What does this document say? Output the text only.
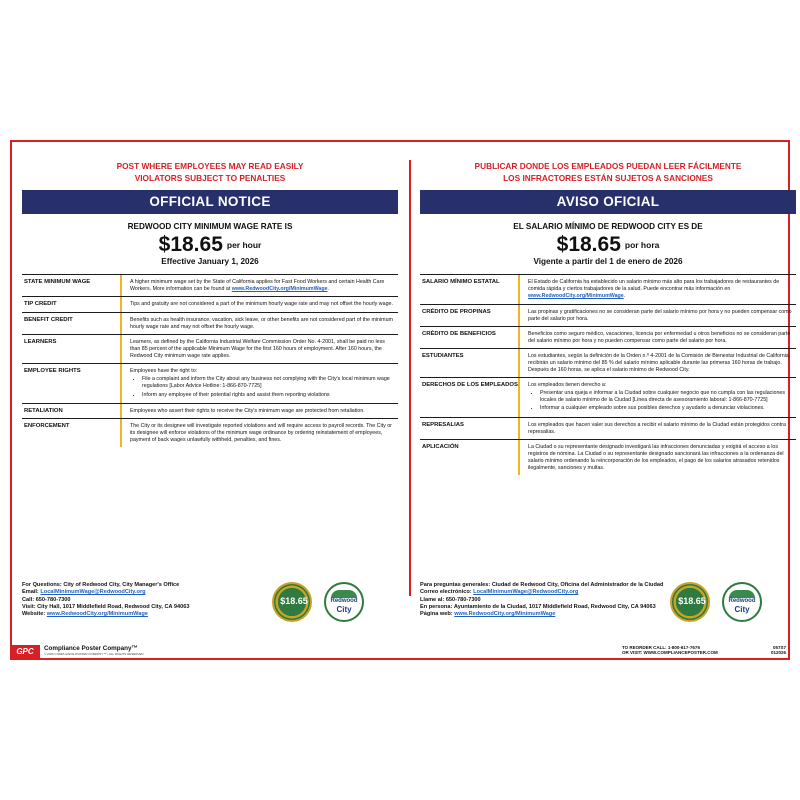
POST WHERE EMPLOYEES MAY READ EASILY
VIOLATORS SUBJECT TO PENALTIES
OFFICIAL NOTICE
REDWOOD CITY MINIMUM WAGE RATE IS
$18.65 per hour
Effective January 1, 2026
STATE MINIMUM WAGE	A higher minimum wage set by the State of California applies for Fast Food Workers and certain Health Care Workers. More information can be found at www.RedwoodCity.org/MinimumWage.
TIP CREDIT	Tips and gratuity are not considered a part of the minimum hourly wage rate and may not offset the hourly wage.
BENEFIT CREDIT	Benefits such as health insurance, vacation, sick leave, or other benefits are not considered part of the minimum hourly wage rate and may not offset the hourly wage.
LEARNERS	Learners, as defined by the California Industrial Welfare Commission Order No. 4-2001, shall be paid no less than 85 percent of the applicable Minimum Wage for the first 160 hours of employment. After 160 hours, the Redwood City minimum wage rate applies.
EMPLOYEE RIGHTS	Employees have the right to:
• File a complaint and inform the City about any business not complying with the City's local minimum wage regulations [Labor Advice Hotline: 1-866-870-7725]
• Inform any employee of their potential rights and assist them reporting violations
RETALIATION	Employees who assert their rights to receive the City's minimum wage are protected from retaliation.
ENFORCEMENT	The City or its designee will investigate reported violations and will require access to payroll records. The City or its designee will enforce violations of the minimum wage ordinance by ordering reinstatement of employees, payment of back wages unlawfully withheld, penalties, and fines.
PUBLICAR DONDE LOS EMPLEADOS PUEDAN LEER FÁCILMENTE
LOS INFRACTORES ESTÁN SUJETOS A SANCIONES
AVISO OFICIAL
EL SALARIO MÍNIMO DE REDWOOD CITY ES DE
$18.65 por hora
Vigente a partir del 1 de enero de 2026
SALARIO MÍNIMO ESTATAL	El Estado de California ha establecido un salario mínimo más alto para los trabajadores de restaurantes de comida rápida y ciertos trabajadores de la salud. Puede encontrar más información en www.RedwoodCity.org/MinimumWage.
CRÉDITO DE PROPINAS	Las propinas y gratificaciones no se consideran parte del salario mínimo por hora y no pueden compensar como parte del salario por hora.
CRÉDITO DE BENEFICIOS	Beneficios como seguro médico, vacaciones, licencia por enfermedad u otros beneficios no se consideran parte del salario mínimo por hora y no pueden compensar como parte del salario por hora.
ESTUDIANTES	Los estudiantes, según la definición de la Orden n.º 4-2001 de la Comisión de Bienestar Industrial de California, recibirán un salario mínimo del 85 % del salario mínimo aplicable durante las primeras 160 horas de trabajo. Después de 160 horas, se aplica el salario mínimo de Redwood City.
DERECHOS DE LOS EMPLEADOS	Los empleados tienen derecho a:
• Presentar una queja e informar a la Ciudad sobre cualquier negocio que no cumpla con las regulaciones locales de salario mínimo de la Ciudad [Línea directa de asesoramiento laboral: 1-866-870-7725]
• Informar a cualquier empleado sobre sus posibles derechos y ayudarlo a denunciar violaciones.
REPRESALIAS	Los empleados que hacen valer sus derechos a recibir el salario mínimo de la Ciudad están protegidos contra represalias.
APLICACIÓN	La Ciudad o su representante designado investigará las infracciones denunciadas y exigirá el acceso a los registros de nómina. La Ciudad o su representante designado sancionará las infracciones a la ordenanza del salario mínimo ordenando la reincorporación de los empleados, el pago de los salarios atrasados retenidos ilegalmente, sanciones y multas.
For Questions: City of Redwood City, City Manager's Office
Email: LocalMinimumWage@RedwoodCity.org
Call: 650-780-7300
Visit: City Hall, 1017 Middlefield Road, Redwood City, CA 94063
Website: www.RedwoodCity.org/MinimumWage
$18.65	Redwood
City
Para preguntas generales: Ciudad de Redwood City, Oficina del Administrador de la Ciudad
Correo electrónico: LocalMinimumWage@RedwoodCity.org
Llame al: 650-780-7300
En persona: Ayuntamiento de la Ciudad, 1017 Middlefield Road, Redwood City, CA 94063
Página web: www.RedwoodCity.org/MinimumWage
$18.65	Redwood
City
GPC	Compliance Poster Company™
© 2026 COMPLIANCE POSTER COMPANY™ • ALL RIGHTS RESERVED
TO REORDER CALL: 1-800-617-7676
OR VISIT: WWW.COMPLIANCEPOSTER.COM
057S7
012026
